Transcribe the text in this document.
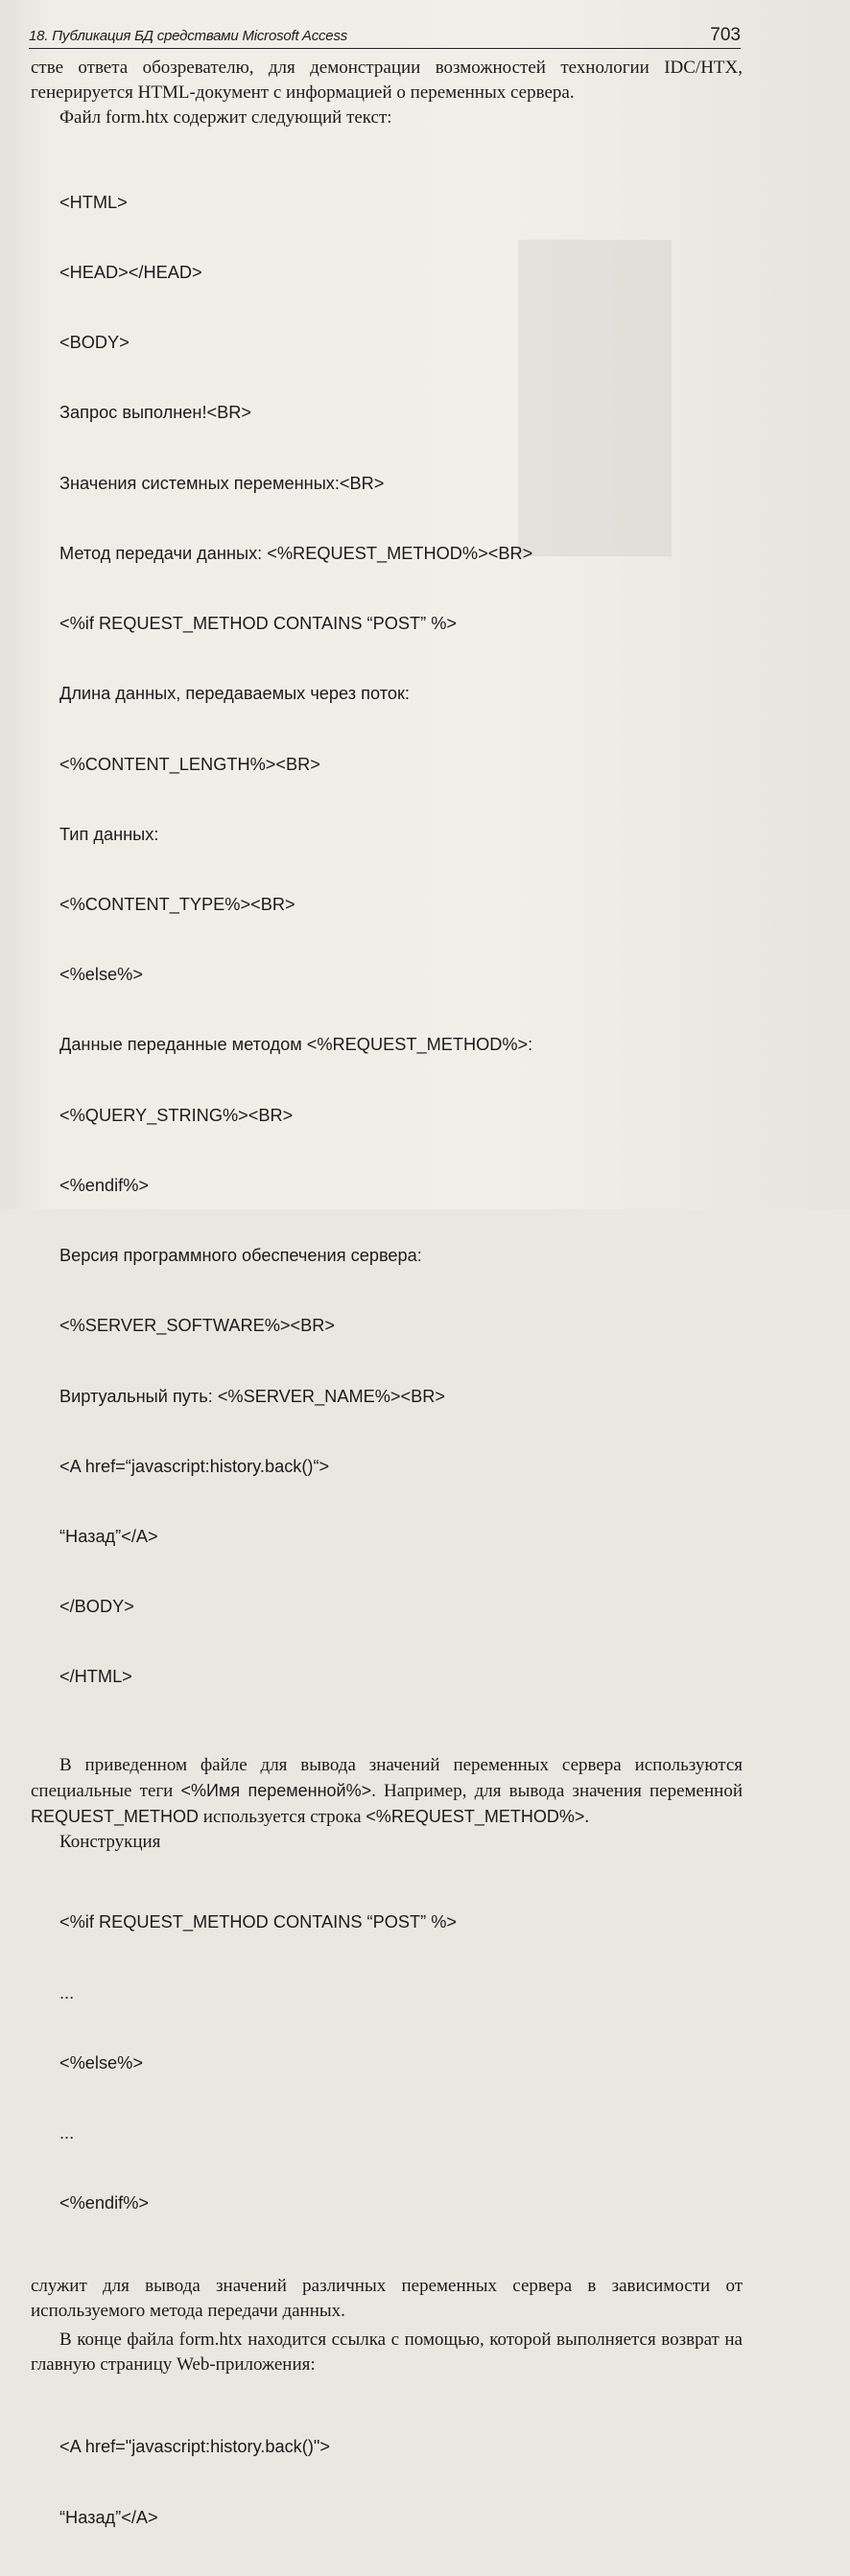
18. Публикация БД средствами Microsoft Access	703

стве ответа обозревателю, для демонстрации возможностей технологии IDC/HTX, генерируется HTML-документ с информацией о переменных сервера.

Файл form.htx содержит следующий текст:

<HTML>

<HEAD></HEAD>

<BODY>

Запрос выполнен!<BR>

Значения системных переменных:<BR>

Метод передачи данных: <%REQUEST_METHOD%><BR>

<%if REQUEST_METHOD CONTAINS “POST” %>

Длина данных, передаваемых через поток:

<%CONTENT_LENGTH%><BR>

Тип данных:

<%CONTENT_TYPE%><BR>

<%else%>

Данные переданные методом <%REQUEST_METHOD%>:

<%QUERY_STRING%><BR>

<%endif%>

Версия программного обеспечения сервера:

<%SERVER_SOFTWARE%><BR>

Виртуальный путь: <%SERVER_NAME%><BR>

<A href=“javascript:history.back()“>

“Назад”</A>

</BODY>

</HTML>

В приведенном файле для вывода значений переменных сервера используются специальные теги <%Имя переменной%>. Например, для вывода значения переменной REQUEST_METHOD используется строка <%REQUEST_METHOD%>.

Конструкция

<%if REQUEST_METHOD CONTAINS “POST” %>

...

<%else%>

...

<%endif%>

служит для вывода значений различных переменных сервера в зависимости от используемого метода передачи данных.

В конце файла form.htx находится ссылка с помощью, которой выполняется возврат на главную страницу Web-приложения:

<A href="javascript:history.back()">

“Назад”</A>
